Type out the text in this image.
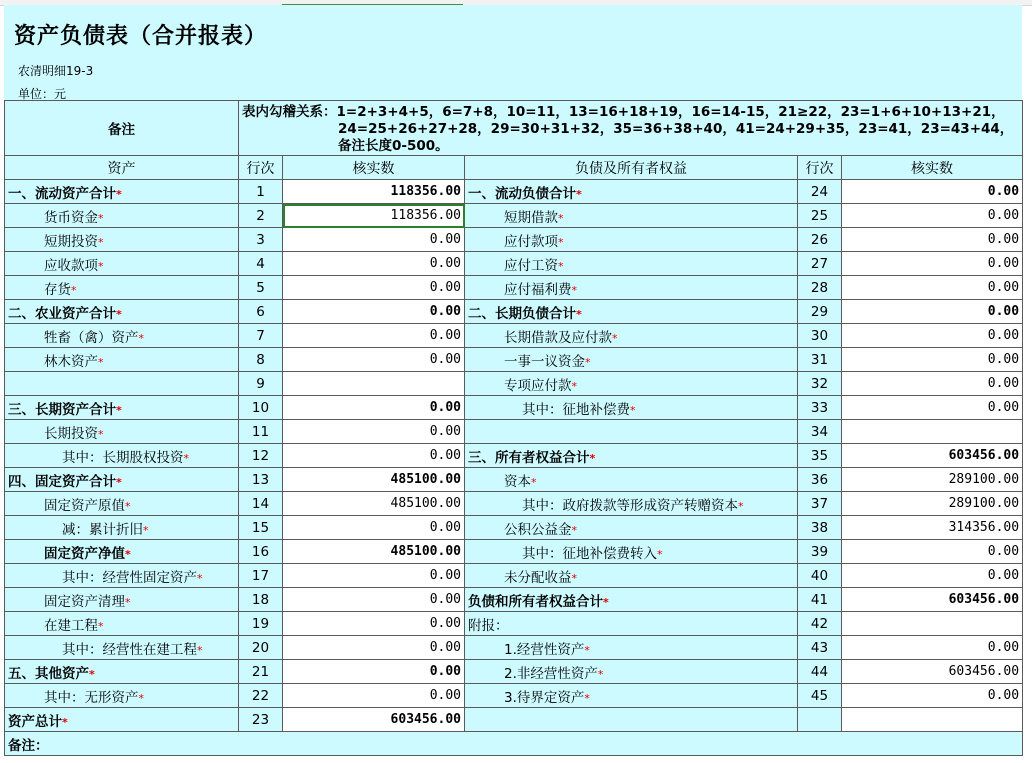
资产负债表（合并报表）
农清明细19-3
单位：元
备注	表内勾稽关系：1=2+3+4+5，6=7+8，10=11，13=16+18+19，16=14-15，21≥22，23=1+6+10+13+21，
24=25+26+27+28，29=30+31+32，35=36+38+40，41=24+29+35，23=41，23=43+44，备注长度0-500。				

资产	行次	核实数	负债及所有者权益	行次	核实数
一、流动资产合计*	1	118356.00	一、流动负债合计*	24	0.00
货币资金*	2	118356.00	短期借款*	25	0.00
短期投资*	3	0.00	应付款项*	26	0.00
应收款项*	4	0.00	应付工资*	27	0.00
存货*	5	0.00	应付福利费*	28	0.00
二、农业资产合计*	6	0.00	二、长期负债合计*	29	0.00
牲畜（禽）资产*	7	0.00	长期借款及应付款*	30	0.00
林木资产*	8	0.00	一事一议资金*	31	0.00
	9		专项应付款*	32	0.00
三、长期资产合计*	10	0.00	其中：征地补偿费*	33	0.00
长期投资*	11	0.00		34	
其中：长期股权投资*	12	0.00	三、所有者权益合计*	35	603456.00
四、固定资产合计*	13	485100.00	资本*	36	289100.00
固定资产原值*	14	485100.00	其中：政府拨款等形成资产转赠资本*	37	289100.00
减：累计折旧*	15	0.00	公积公益金*	38	314356.00
固定资产净值*	16	485100.00	其中：征地补偿费转入*	39	0.00
其中：经营性固定资产*	17	0.00	未分配收益*	40	0.00
固定资产清理*	18	0.00	负债和所有者权益合计*	41	603456.00
在建工程*	19	0.00	附报：	42	
其中：经营性在建工程*	20	0.00	1.经营性资产*	43	0.00
五、其他资产*	21	0.00	2.非经营性资产*	44	603456.00
其中：无形资产*	22	0.00	3.待界定资产*	45	0.00
资产总计*	23	603456.00			
备注：					
